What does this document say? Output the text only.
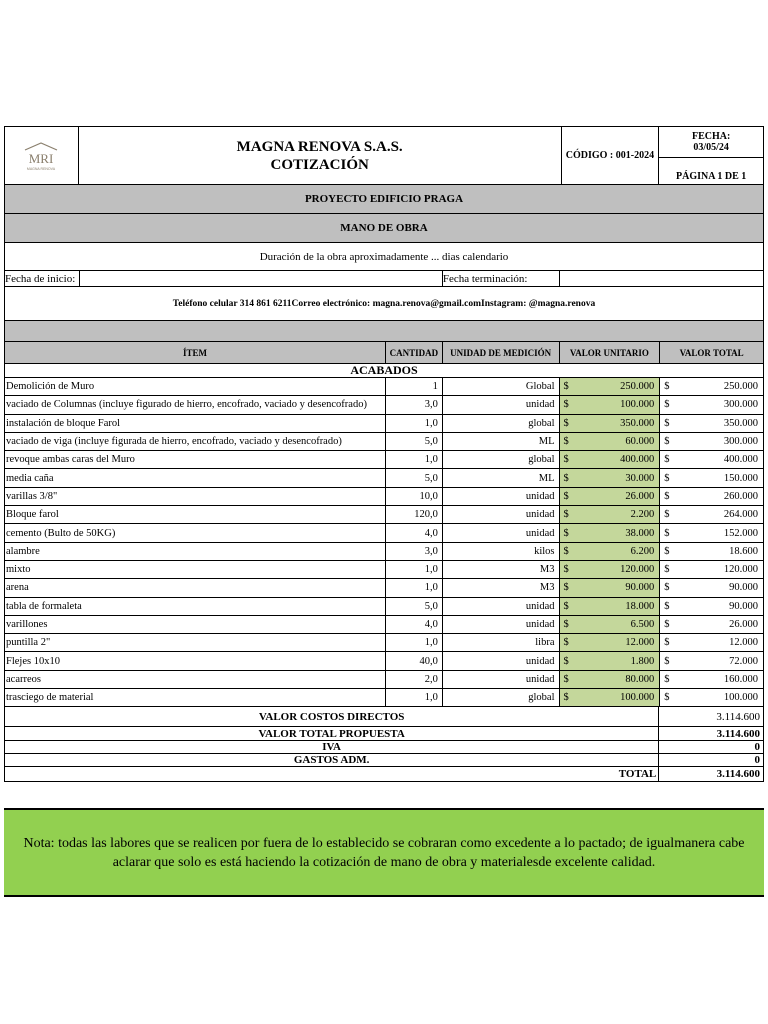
MRI
MAGNA RENOVA
MAGNA RENOVA S.A.S.
COTIZACIÓN
CÓDIGO : 001-2024
FECHA:
03/05/24
PÁGINA 1 DE 1
PROYECTO EDIFICIO PRAGA
MANO DE OBRA
Duración de la obra aproximadamente ... dias calendario
Fecha de inicio:	Fecha terminación:
Teléfono celular 314 861 6211Correo electrónico: magna.renova@gmail.comInstagram: @magna.renova
ÍTEM	CANTIDAD	UNIDAD DE MEDICIÓN	VALOR UNITARIO	VALOR TOTAL
ACABADOS
Demolición de Muro	1	Global $	250.000 $	250.000
vaciado de Columnas (incluye figurado de hierro, encofrado, vaciado y desencofrado)	3,0	unidad $	100.000 $	300.000
instalación de bloque Farol	1,0	global $	350.000 $	350.000
vaciado de viga (incluye figurada de hierro, encofrado, vaciado y desencofrado)	5,0	ML $	60.000 $	300.000
revoque ambas caras del Muro	1,0	global $	400.000 $	400.000
media caña	5,0	ML $	30.000 $	150.000
varillas 3/8"	10,0	unidad $	26.000 $	260.000
Bloque farol	120,0	unidad $	2.200 $	264.000
cemento (Bulto de 50KG)	4,0	unidad $	38.000 $	152.000
alambre	3,0	kilos $	6.200 $	18.600
mixto	1,0	M3 $	120.000 $	120.000
arena	1,0	M3 $	90.000 $	90.000
tabla de formaleta	5,0	unidad $	18.000 $	90.000
varillones	4,0	unidad $	6.500 $	26.000
puntilla 2"	1,0	libra $	12.000 $	12.000
Flejes 10x10	40,0	unidad $	1.800 $	72.000
acarreos	2,0	unidad $	80.000 $	160.000
trasciego de material	1,0	global $	100.000 $	100.000
VALOR COSTOS DIRECTOS	3.114.600
VALOR TOTAL PROPUESTA	3.114.600
IVA	0
GASTOS ADM.	0
TOTAL	3.114.600
Nota: todas las labores que se realicen por fuera de lo establecido se cobraran como excedente a lo pactado; de igualmanera cabe aclarar que solo es está haciendo la cotización de mano de obra y materialesde excelente calidad.
